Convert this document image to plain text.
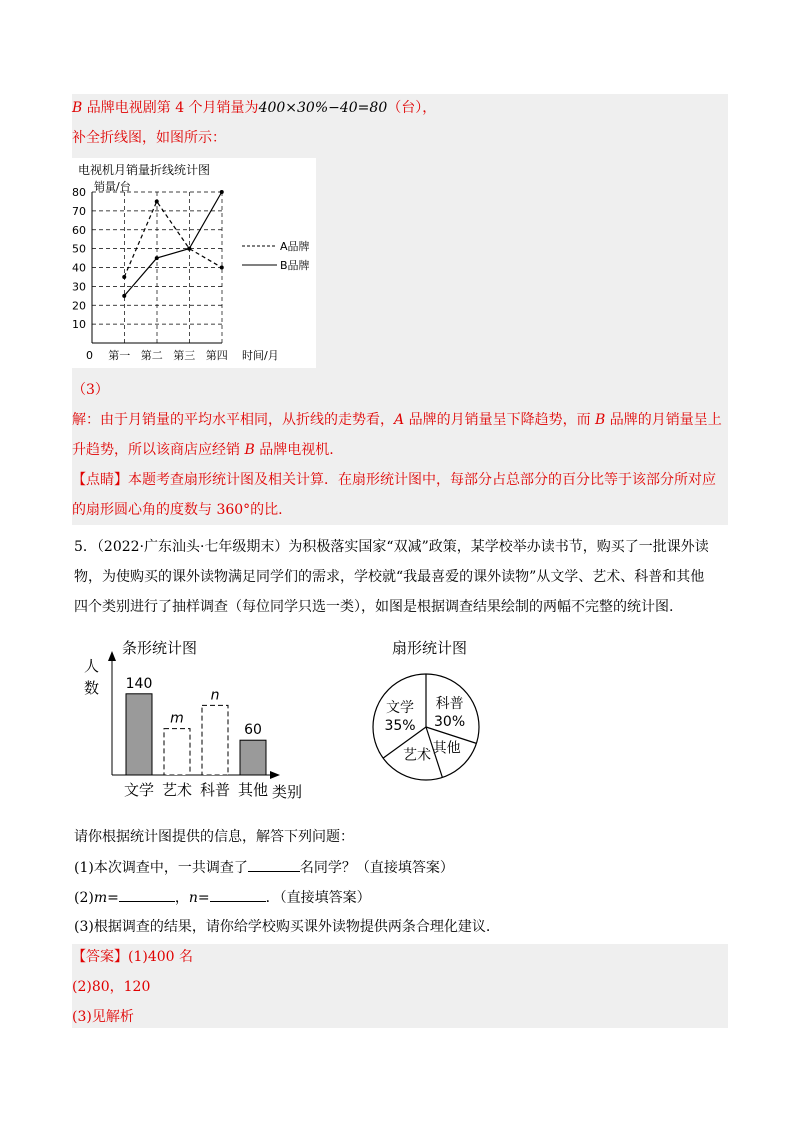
B 品牌电视剧第 4 个月销量为400×30%−40=80（台），
补全折线图，如图所示：
电视机月销量折线统计图
销量/台
10
20
30
40
50
60
70
80
第一 第二 第三 第四
0	时间/月
A品牌
B品牌
（3）
解：由于月销量的平均水平相同，从折线的走势看，A 品牌的月销量呈下降趋势，而 B 品牌的月销量呈上
升趋势，所以该商店应经销 B 品牌电视机.
【点睛】本题考查扇形统计图及相关计算．在扇形统计图中，每部分占总部分的百分比等于该部分所对应
的扇形圆心角的度数与 360°的比.
5．（2022·广东汕头·七年级期末）为积极落实国家“双减”政策，某学校举办读书节，购买了一批课外读
物，为使购买的课外读物满足同学们的需求，学校就“我最喜爱的课外读物”从文学、艺术、科普和其他
四个类别进行了抽样调查（每位同学只选一类），如图是根据调查结果绘制的两幅不完整的统计图.
条形统计图
人
数 140
文学
m
艺术
n
科普
60
其他 类别
扇形统计图
文学
35%
科普
30%
其他
艺术
请你根据统计图提供的信息，解答下列问题：
(1)本次调查中，一共调查了	名同学？（直接填答案）
(2)m=	，n=	．（直接填答案）
(3)根据调查的结果，请你给学校购买课外读物提供两条合理化建议.
【答案】(1)400 名
(2)80，120
(3)见解析
